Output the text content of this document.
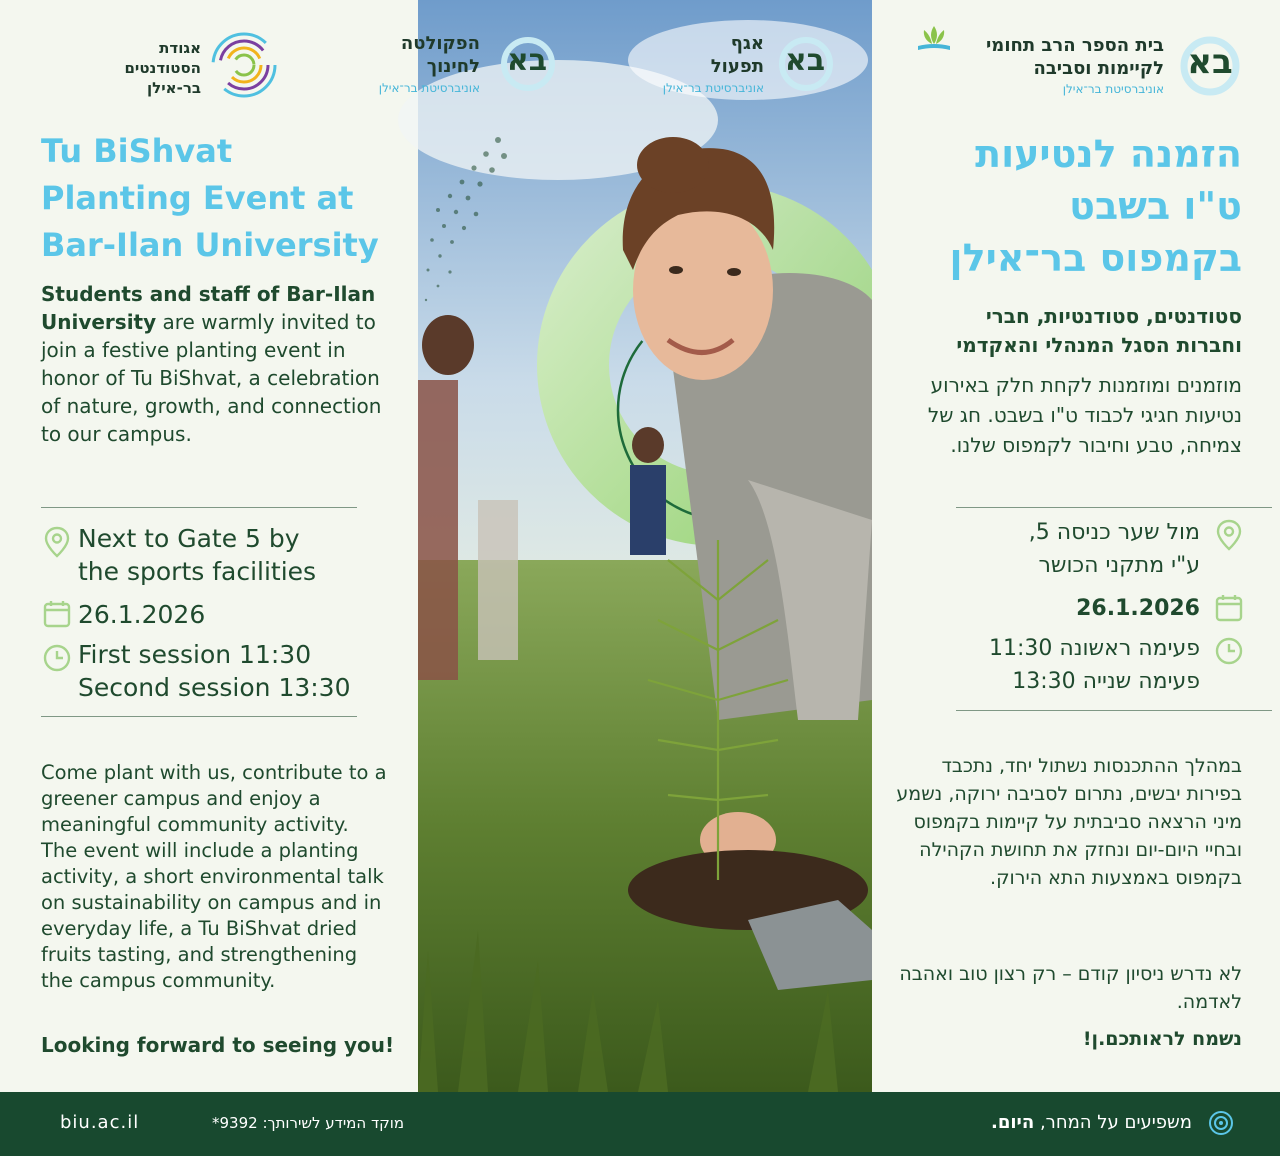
אגודת
הסטודנטים
בר-אילן
Tu BiShvat
Planting Event at
Bar-Ilan University

Students and staff of Bar-Ilan University are warmly invited to join a festive planting event in honor of Tu BiShvat, a celebration of nature, growth, and connection to our campus.

Next to Gate 5 by
the sports facilities
26.1.2026
First session 11:30
Second session 13:30

Come plant with us, contribute to a greener campus and enjoy a meaningful community activity. The event will include a planting activity, a short environmental talk on sustainability on campus and in everyday life, a Tu BiShvat dried fruits tasting, and strengthening the campus community.

Looking forward to seeing you!

בא
הפקולטה
לחינוך
אוניברסיטת בר־אילן
בא
אגף
תפעול
אוניברסיטת בר־אילן
בא
בית הספר הרב תחומי
לקיימות וסביבה
אוניברסיטת בר־אילן
הזמנה לנטיעות
ט"ו בשבט
בקמפוס בר־אילן
סטודנטים, סטודנטיות, חברי
וחברות הסגל המנהלי והאקדמי

מוזמנים ומוזמנות לקחת חלק באירוע נטיעות חגיגי לכבוד ט"ו בשבט. חג של צמיחה, טבע וחיבור לקמפוס שלנו.

מול שער כניסה 5,
ע"י מתקני הכושר
26.1.2026
פעימה ראשונה 11:30
פעימה שנייה 13:30

במהלך ההתכנסות נשתול יחד, נתכבד בפירות יבשים, נתרום לסביבה ירוקה, נשמע מיני הרצאה סביבתית על קיימות בקמפוס ובחיי היום-יום ונחזק את תחושת הקהילה בקמפוס באמצעות התא הירוק.

לא נדרש ניסיון קודם – רק רצון טוב ואהבה לאדמה.

נשמח לראותכם.ן!

biu.ac.il	מוקד המידע לשירותך: 9392*	משפיעים על המחר, היום.
